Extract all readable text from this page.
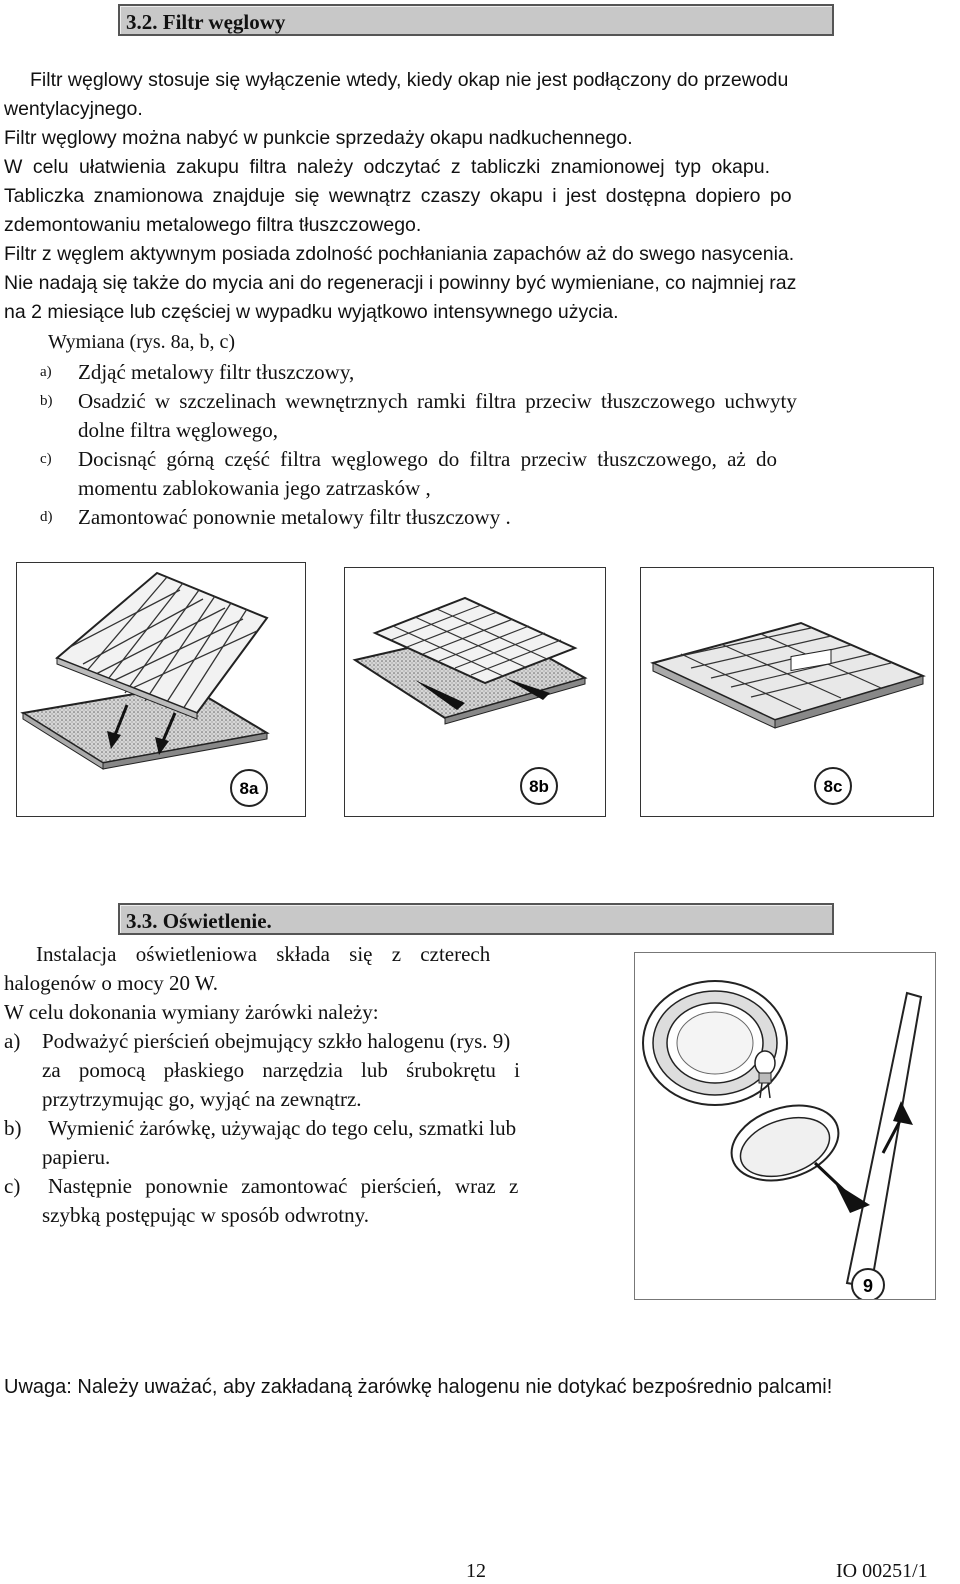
3.2. Filtr węglowy
Filtr węglowy stosuje się wyłączenie wtedy, kiedy okap nie jest podłączony do przewodu
wentylacyjnego.
Filtr węglowy można nabyć w punkcie sprzedaży okapu nadkuchennego.
W celu ułatwienia zakupu filtra należy odczytać z tabliczki znamionowej typ okapu.
Tabliczka znamionowa znajduje się wewnątrz czaszy okapu i jest dostępna dopiero po
zdemontowaniu metalowego filtra tłuszczowego.
Filtr z węglem aktywnym posiada zdolność pochłaniania zapachów aż do swego nasycenia.
Nie nadają się także do mycia ani do regeneracji i powinny być wymieniane, co najmniej raz
na 2 miesiące lub częściej w wypadku wyjątkowo intensywnego użycia.
Wymiana (rys. 8a, b, c)
a) Zdjąć metalowy filtr tłuszczowy,
b) Osadzić w szczelinach wewnętrznych ramki filtra przeciw tłuszczowego uchwyty
dolne filtra węglowego,
c) Docisnąć górną część filtra węglowego do filtra przeciw tłuszczowego, aż do
momentu zablokowania jego zatrzasków ,
d) Zamontować ponownie metalowy filtr tłuszczowy .
8a	8b	8c
3.3. Oświetlenie.
Instalacja oświetleniowa składa się z czterech
halogenów o mocy 20 W.
W celu dokonania wymiany żarówki należy:
a) Podważyć pierścień obejmujący szkło halogenu (rys. 9)
za pomocą płaskiego narzędzia lub śrubokrętu i
przytrzymując go, wyjąć na zewnątrz.
b) Wymienić żarówkę, używając do tego celu, szmatki lub
papieru.
c) Następnie ponownie zamontować pierścień, wraz z
szybką postępując w sposób odwrotny.
9
Uwaga: Należy uważać, aby zakładaną żarówkę halogenu nie dotykać bezpośrednio palcami!
12	IO 00251/1
